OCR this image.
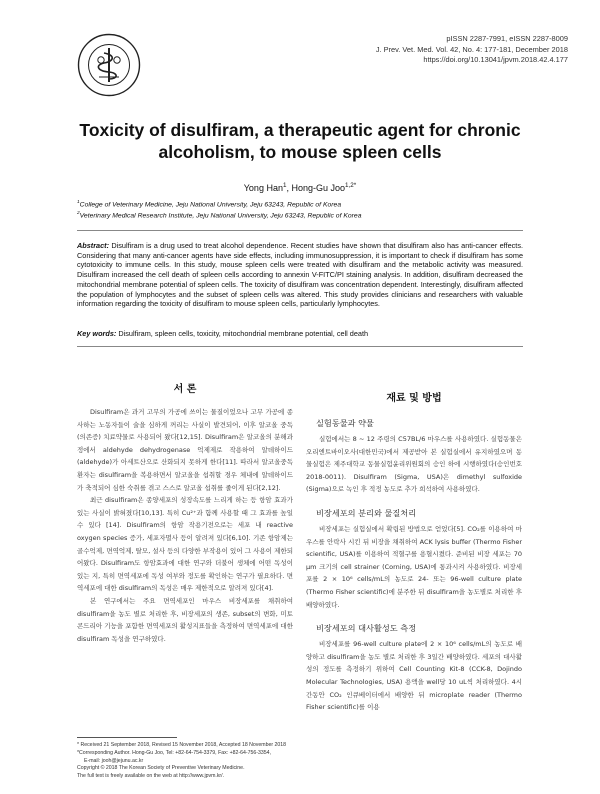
pISSN 2287-7991, eISSN 2287-8009
J. Prev. Vet. Med. Vol. 42, No. 4: 177-181, December 2018
https://doi.org/10.13041/jpvm.2018.42.4.177
Toxicity of disulfiram, a therapeutic agent for chronic alcoholism, to mouse spleen cells
Yong Han$^1$, Hong-Gu Joo$^{1,2*}$
$^1$College of Veterinary Medicine, Jeju National University, Jeju 63243, Republic of Korea
$^2$Veterinary Medical Research Institute, Jeju National University, Jeju 63243, Republic of Korea
Abstract: Disulfiram is a drug used to treat alcohol dependence. Recent studies have shown that disulfiram also has anti-cancer effects. Considering that many anti-cancer agents have side effects, including immunosuppression, it is important to check if disulfiram has some cytotoxicity to immune cells. In this study, mouse spleen cells were treated with disulfiram and the metabolic activity was measured. Disulfiram increased the cell death of spleen cells according to annexin V-FITC/PI staining analysis. In addition, disulfiram decreased the mitochondrial membrane potential of spleen cells. The toxicity of disulfiram was concentration dependent. Interestingly, disulfiram affected the population of lymphocytes and the subset of spleen cells was altered. This study provides clinicians and researchers with valuable information regarding the toxicity of disulfiram to mouse spleen cells, particularly lymphocytes.
Key words: Disulfiram, spleen cells, toxicity, mitochondrial membrane potential, cell death
서 론

Disulfiram은 과거 고무의 가공에 쓰이는 물질이었으나 고무 가공에 종사하는 노동자들이 술을 심하게 꺼리는 사실이 발견되어, 이후 알코올 중독(의존증) 치료약물로 사용되어 왔다[12,15]. Disulfiram은 알코올의 분해과정에서 aldehyde dehydrogenase 억제제로 작용하여 알데하이드(aldehyde)가 아세트산으로 산화되지 못하게 한다[11]. 따라서 알코올중독환자는 disulfiram을 복용하면서 알코올을 섭취할 경우 체내에 알데하이드가 축적되어 심한 숙취를 겪고 스스로 알코올 섭취를 줄이게 된다[2,12].

최근 disulfiram은 종양세포의 성장속도를 느리게 하는 등 항암 효과가 있는 사실이 밝혀졌다[10,13]. 특히 Cu²⁺과 함께 사용할 때 그 효과를 높일 수 있다 [14]. Disulfiram의 항암 작용기전으로는 세포 내 reactive oxygen species 증가, 세포자멸사 등이 알려져 있다[6,10]. 기존 항암제는 골수억제, 면역억제, 탈모, 설사 등의 다양한 부작용이 있어 그 사용이 제한되어왔다. Disulfiram도 항암효과에 대한 연구와 더불어 생체에 어떤 독성이 있는 지, 특히 면역세포에 독성 여부와 정도를 확인하는 연구가 필요하다. 면역세포에 대한 disulfiram의 독성은 매우 제한적으로 알려져 있다[4].

본 연구에서는 주요 면역세포인 마우스 비장세포를 채취하여 disulfiram을 농도 별로 처리한 후, 비장세포의 생존, subset의 변화, 미토콘드리아 기능을 포함한 면역세포의 활성지표들을 측정하여 면역세포에 대한 disulfiram 독성을 연구하였다.

* Received 21 September 2018, Revised 15 November 2018, Accepted 18 November 2018
*Corresponding Author. Hong-Gu Joo, Tel: +82-64-754-3379, Fax: +82-64-756-3354,
E-mail: jooh@jejunu.ac.kr
Copyright © 2018 The Korean Society of Preventive Veterinary Medicine.
The full text is freely available on the web at http://www.jpvm.kr/.
재료 및 방법
실험동물과 약물

실험에서는 8 ~ 12 주령의 C57BL/6 마우스를 사용하였다. 실험동물은 오리엔트바이오사(대한민국)에서 제공받아 본 실험실에서 유지하였으며 동물실험은 제주대학교 동물실험윤리위원회의 승인 하에 시행하였다(승인번호 2018-0011). Disulfiram (Sigma, USA)은 dimethyl sulfoxide (Sigma)으로 녹인 후 적정 농도로 추가 희석하여 사용하였다.

비장세포의 분리와 물질처리

비장세포는 실험실에서 확립된 방법으로 얻었다[5]. CO₂를 이용하여 마우스를 안락사 시킨 뒤 비장을 채취하여 ACK lysis buffer (Thermo Fisher scientific, USA)를 이용하여 적혈구를 용혈시켰다. 준비된 비장 세포는 70 μm 크기의 cell strainer (Corning, USA)에 통과시켜 사용하였다. 비장세포를 2 × 10⁶ cells/mL의 농도로 24- 또는 96-well culture plate (Thermo Fisher scientific)에 분주한 뒤 disulfiram을 농도별로 처리한 후 배양하였다.

비장세포의 대사활성도 측정

비장세포를 96-well culture plate에 2 × 10⁶ cells/mL의 농도로 배양하고 disulfiram을 농도 별로 처리한 후 3일간 배양하였다. 세포의 대사활성의 정도를 측정하기 위하여 Cell Counting Kit-8 (CCK-8, Dojindo Molecular Technologies, USA) 용액을 well당 10 uL씩 처리하였다. 4시간동안 CO₂ 인큐베이터에서 배양한 뒤 microplate reader (Thermo Fisher scientific)를 이용
